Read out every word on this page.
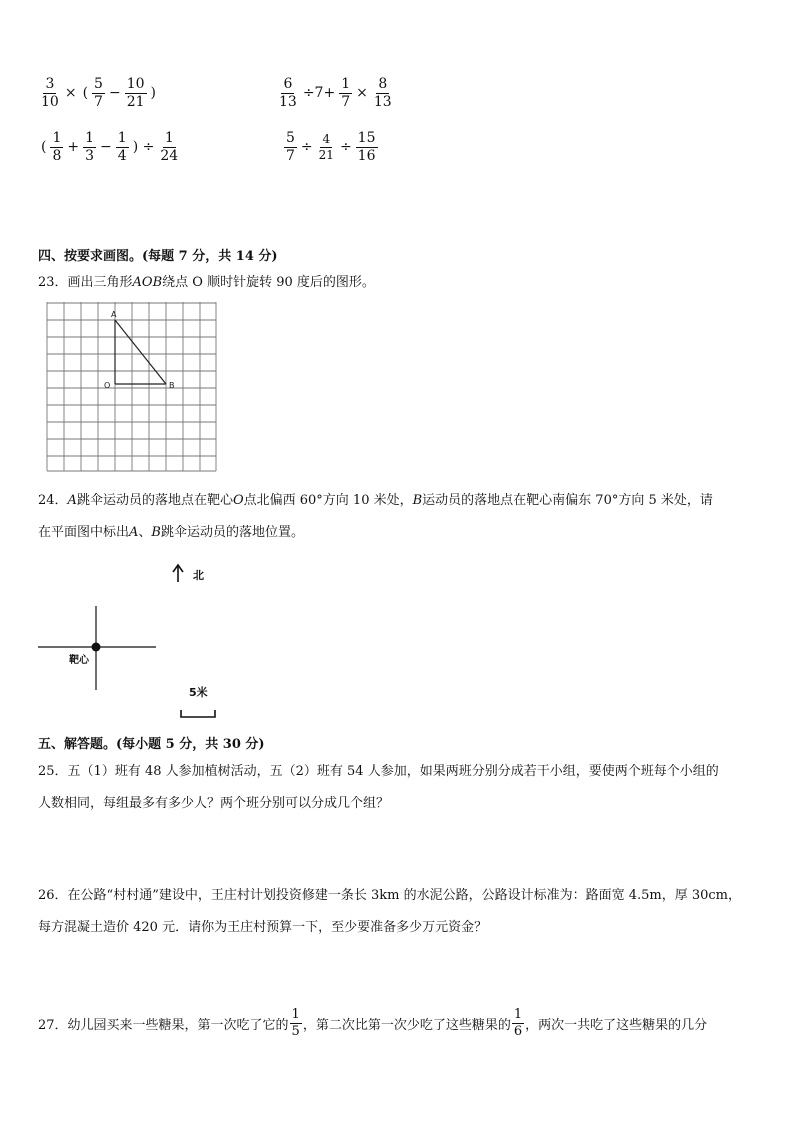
$\frac{3}{10}$ × ( $\frac{5}{7} - \frac{10}{21}$ )	$\frac{6}{13} \div 7+ \frac{1}{7} \times \frac{8}{13}$
( $\frac{1}{8} + \frac{1}{3} - \frac{1}{4}$ ) ÷ $\frac{1}{24}$	$\frac{5}{7} \div \frac{4}{21} \div \frac{15}{16}$
四、按要求画图。(每题 7 分，共 14 分)
23．画出三角形AOB绕点 O 顺时针旋转 90 度后的图形。
A
O	B
24．A跳伞运动员的落地点在靶心O点北偏西 60°方向 10 米处，B运动员的落地点在靶心南偏东 70°方向 5 米处，请
在平面图中标出A、B跳伞运动员的落地位置。
北
靶心
5米
五、解答题。(每小题 5 分，共 30 分)
25．五（1）班有 48 人参加植树活动，五（2）班有 54 人参加，如果两班分别分成若干小组，要使两个班每个小组的
人数相同，每组最多有多少人？两个班分别可以分成几个组？
26．在公路“村村通”建设中，王庄村计划投资修建一条长 3km 的水泥公路，公路设计标准为：路面宽 4.5m，厚 30cm，
每方混凝土造价 420 元．请你为王庄村预算一下，至少要准备多少万元资金？
27．幼儿园买来一些糖果，第一次吃了它的 $\frac{1}{5}$ ，第二次比第一次少吃了这些糖果的 $\frac{1}{6}$ ，两次一共吃了这些糖果的几分
